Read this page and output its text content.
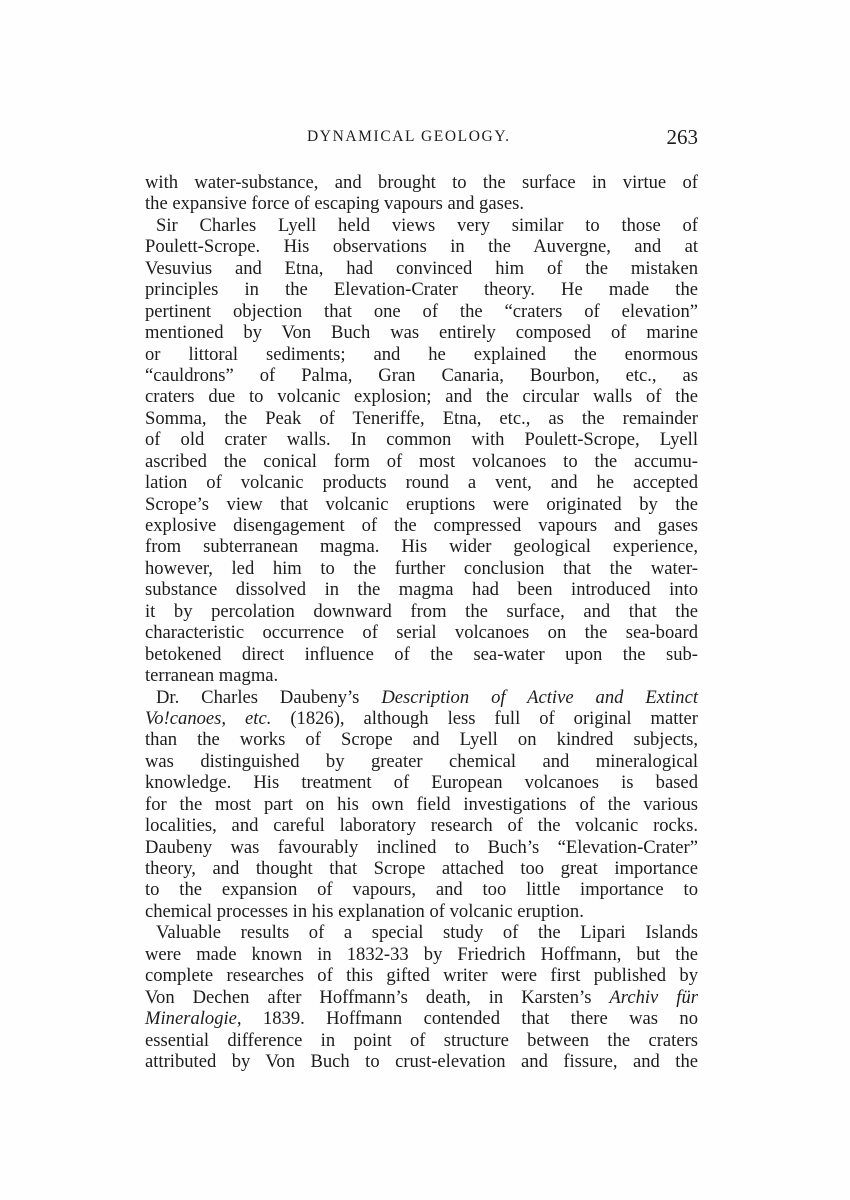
DYNAMICAL GEOLOGY.	263
with water-substance, and brought to the surface in virtue of
the expansive force of escaping vapours and gases.
Sir Charles Lyell held views very similar to those of
Poulett-Scrope. His observations in the Auvergne, and at
Vesuvius and Etna, had convinced him of the mistaken
principles in the Elevation-Crater theory. He made the
pertinent objection that one of the “craters of elevation”
mentioned by Von Buch was entirely composed of marine
or littoral sediments; and he explained the enormous
“cauldrons” of Palma, Gran Canaria, Bourbon, etc., as
craters due to volcanic explosion; and the circular walls of the
Somma, the Peak of Teneriffe, Etna, etc., as the remainder
of old crater walls. In common with Poulett-Scrope, Lyell
ascribed the conical form of most volcanoes to the accumu-
lation of volcanic products round a vent, and he accepted
Scrope’s view that volcanic eruptions were originated by the
explosive disengagement of the compressed vapours and gases
from subterranean magma. His wider geological experience,
however, led him to the further conclusion that the water-
substance dissolved in the magma had been introduced into
it by percolation downward from the surface, and that the
characteristic occurrence of serial volcanoes on the sea-board
betokened direct influence of the sea-water upon the sub-
terranean magma.
Dr. Charles Daubeny’s Description of Active and Extinct
Vo!canoes, etc. (1826), although less full of original matter
than the works of Scrope and Lyell on kindred subjects,
was distinguished by greater chemical and mineralogical
knowledge. His treatment of European volcanoes is based
for the most part on his own field investigations of the various
localities, and careful laboratory research of the volcanic rocks.
Daubeny was favourably inclined to Buch’s “Elevation-Crater”
theory, and thought that Scrope attached too great importance
to the expansion of vapours, and too little importance to
chemical processes in his explanation of volcanic eruption.
Valuable results of a special study of the Lipari Islands
were made known in 1832-33 by Friedrich Hoffmann, but the
complete researches of this gifted writer were first published by
Von Dechen after Hoffmann’s death, in Karsten’s Archiv für
Mineralogie, 1839. Hoffmann contended that there was no
essential difference in point of structure between the craters
attributed by Von Buch to crust-elevation and fissure, and the
